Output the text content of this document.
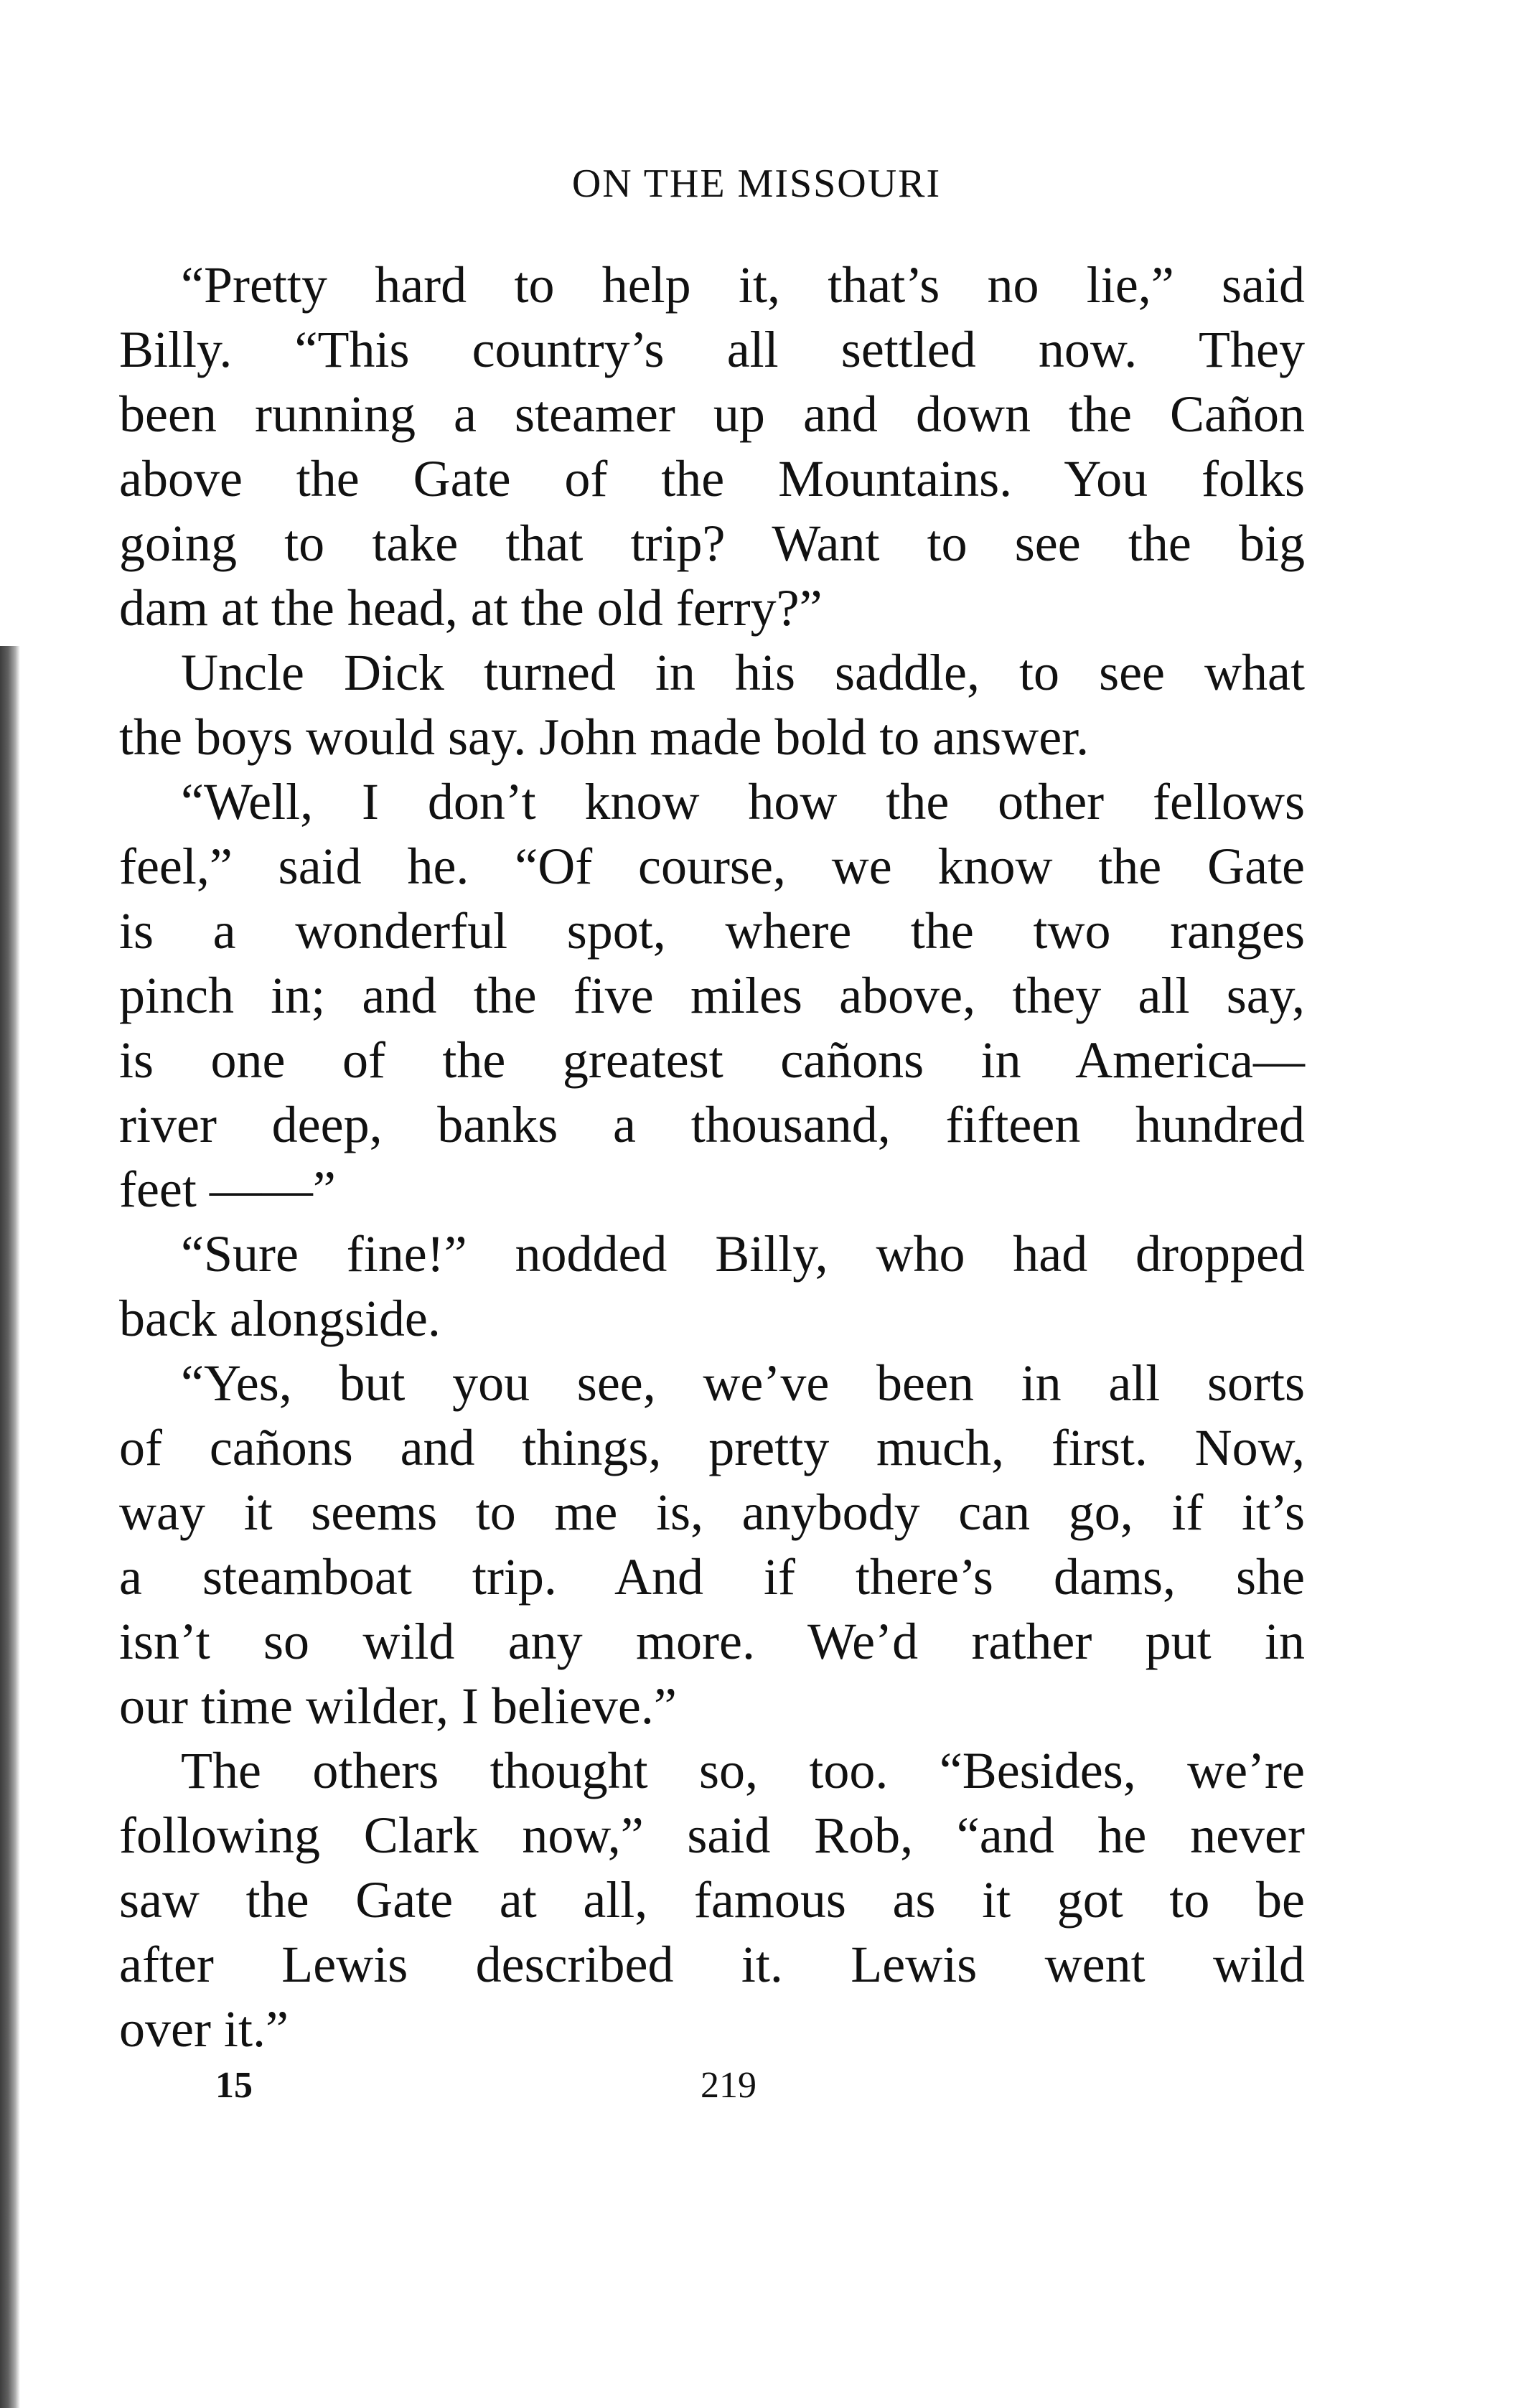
ON THE MISSOURI
“Pretty hard to help it, that’s no lie,” said
Billy. “This country’s all settled now. They
been running a steamer up and down the Cañon
above the Gate of the Mountains. You folks
going to take that trip? Want to see the big
dam at the head, at the old ferry?”
Uncle Dick turned in his saddle, to see what
the boys would say. John made bold to answer.
“Well, I don’t know how the other fellows
feel,” said he. “Of course, we know the Gate
is a wonderful spot, where the two ranges
pinch in; and the five miles above, they all say,
is one of the greatest cañons in America—
river deep, banks a thousand, fifteen hundred
feet ——”
“Sure fine!” nodded Billy, who had dropped
back alongside.
“Yes, but you see, we’ve been in all sorts
of cañons and things, pretty much, first. Now,
way it seems to me is, anybody can go, if it’s
a steamboat trip. And if there’s dams, she
isn’t so wild any more. We’d rather put in
our time wilder, I believe.”
The others thought so, too. “Besides, we’re
following Clark now,” said Rob, “and he never
saw the Gate at all, famous as it got to be
after Lewis described it. Lewis went wild
over it.”
15	219
